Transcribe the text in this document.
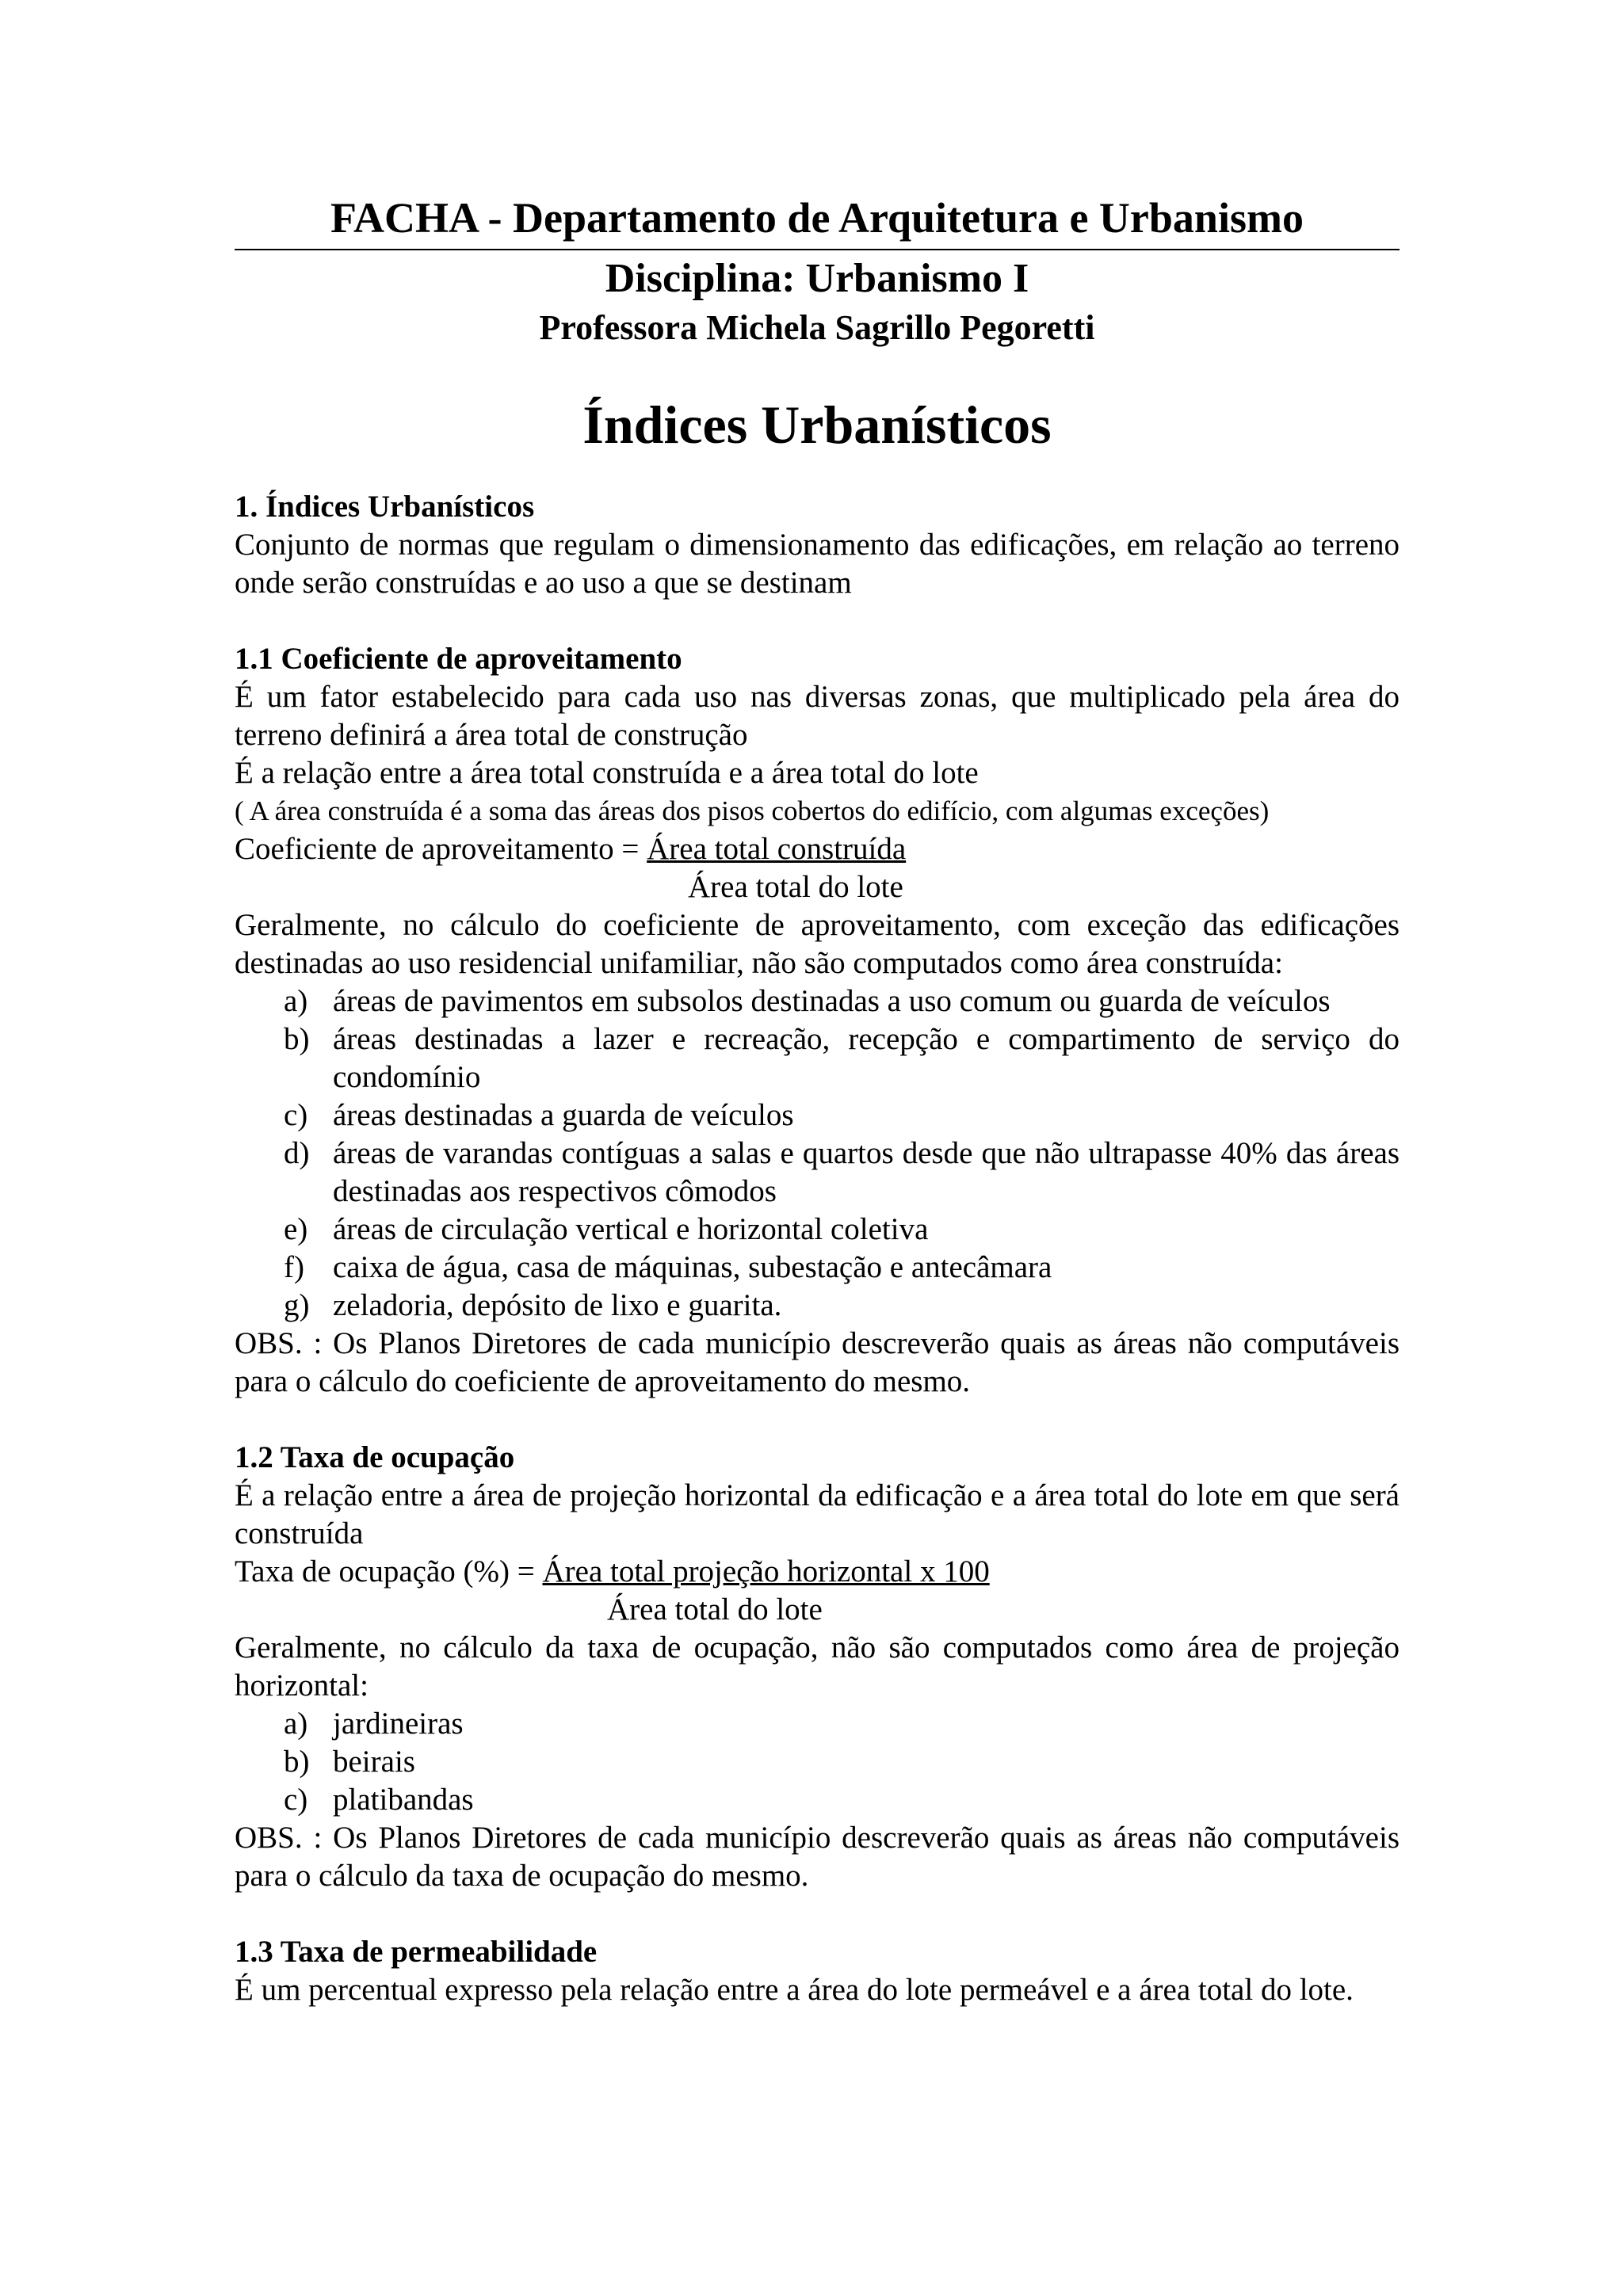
FACHA - Departamento de Arquitetura e Urbanismo

Disciplina: Urbanismo I

Professora Michela Sagrillo Pegoretti

Índices Urbanísticos

1. Índices Urbanísticos

Conjunto de normas que regulam o dimensionamento das edificações, em relação ao terreno onde serão construídas e ao uso a que se destinam

1.1 Coeficiente de aproveitamento

É um fator estabelecido para cada uso nas diversas zonas, que multiplicado pela área do terreno definirá a área total de construção

É a relação entre a área total construída e a área total do lote

( A área construída é a soma das áreas dos pisos cobertos do edifício, com algumas exceções)

Coeficiente de aproveitamento = Área total construída

Área total do lote

Geralmente, no cálculo do coeficiente de aproveitamento, com exceção das edificações destinadas ao uso residencial unifamiliar, não são computados como área construída:

a) áreas de pavimentos em subsolos destinadas a uso comum ou guarda de veículos
b) áreas destinadas a lazer e recreação, recepção e compartimento de serviço do condomínio
c) áreas destinadas a guarda de veículos
d) áreas de varandas contíguas a salas e quartos desde que não ultrapasse 40% das áreas destinadas aos respectivos cômodos
e) áreas de circulação vertical e horizontal coletiva
f) caixa de água, casa de máquinas, subestação e antecâmara
g) zeladoria, depósito de lixo e guarita.

OBS. : Os Planos Diretores de cada município descreverão quais as áreas não computáveis para o cálculo do coeficiente de aproveitamento do mesmo.

1.2 Taxa de ocupação

É a relação entre a área de projeção horizontal da edificação e a área total do lote em que será construída

Taxa de ocupação (%) = Área total projeção horizontal x 100

Área total do lote

Geralmente, no cálculo da taxa de ocupação, não são computados como área de projeção horizontal:

a) jardineiras
b) beirais
c) platibandas

OBS. : Os Planos Diretores de cada município descreverão quais as áreas não computáveis para o cálculo da taxa de ocupação do mesmo.

1.3 Taxa de permeabilidade

É um percentual expresso pela relação entre a área do lote permeável e a área total do lote.
